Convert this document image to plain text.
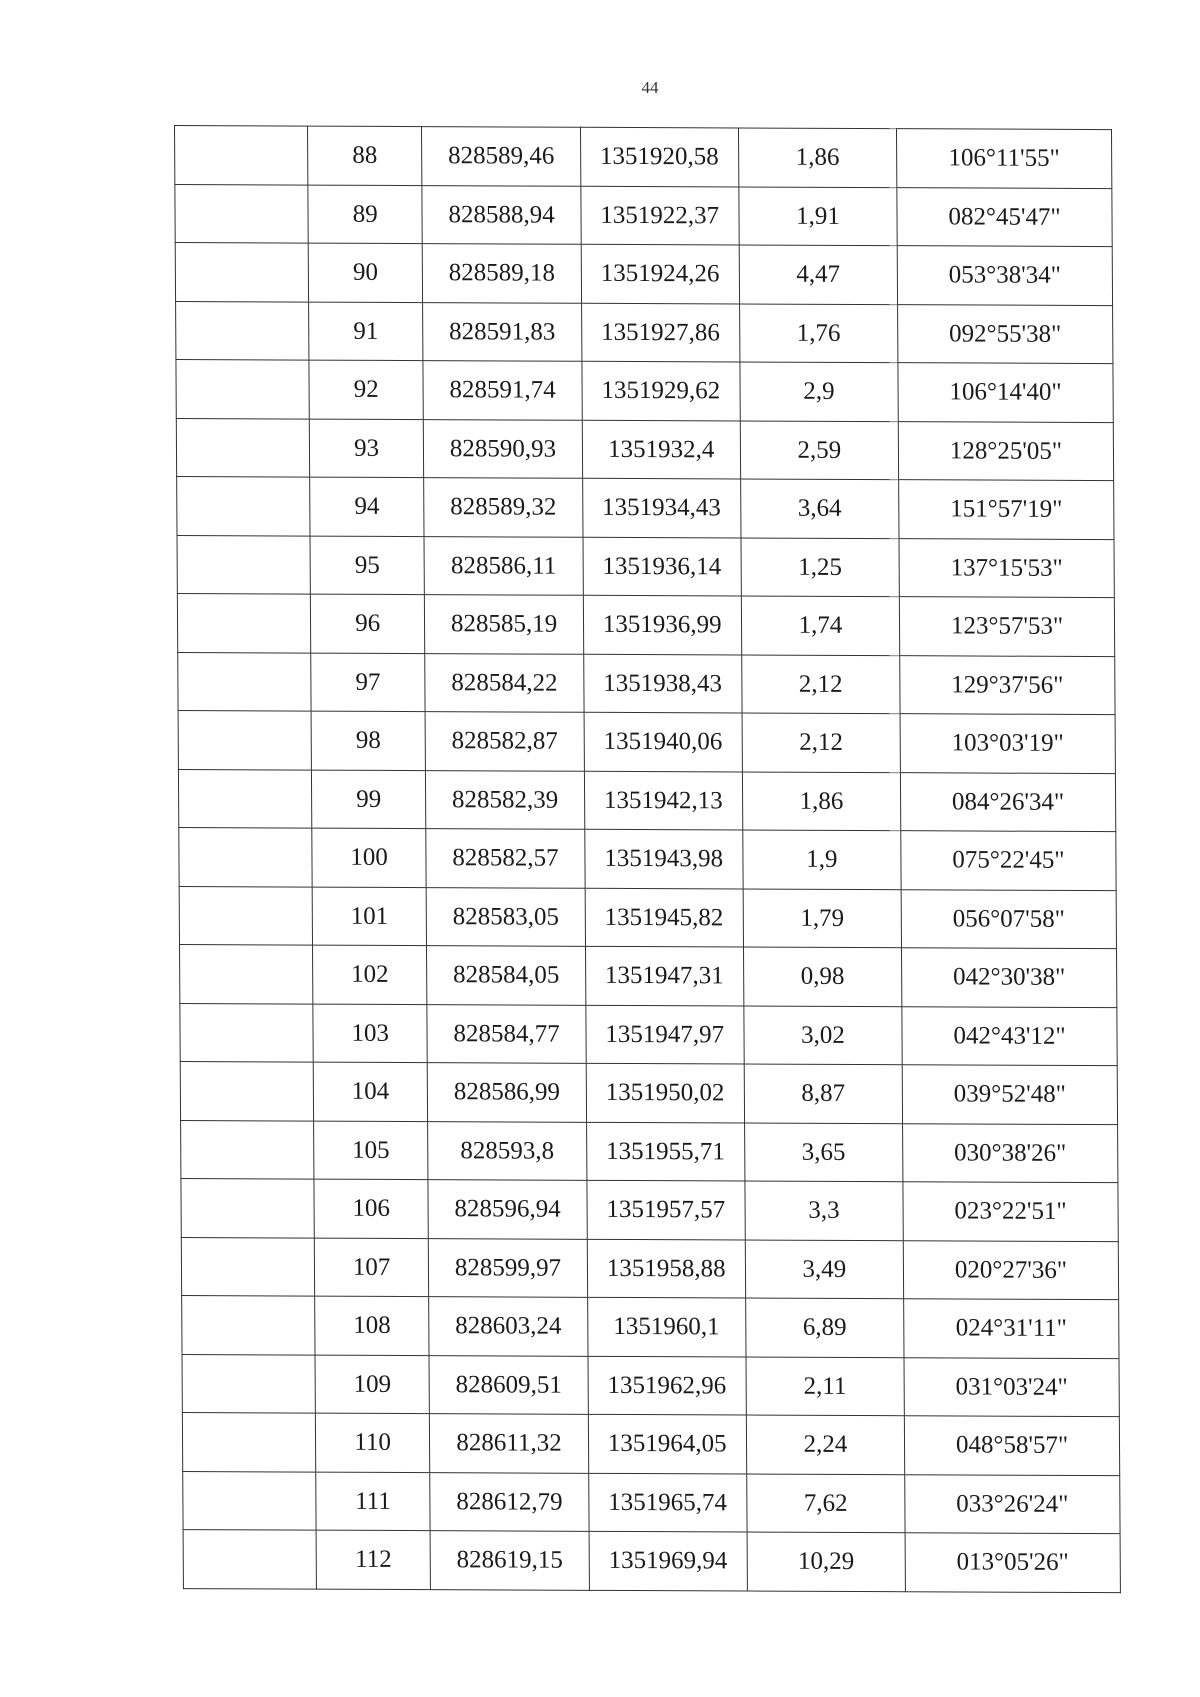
44
	88	828589,46	1351920,58	1,86	106°11'55"
	89	828588,94	1351922,37	1,91	082°45'47"
	90	828589,18	1351924,26	4,47	053°38'34"
	91	828591,83	1351927,86	1,76	092°55'38"
	92	828591,74	1351929,62	2,9	106°14'40"
	93	828590,93	1351932,4	2,59	128°25'05"
	94	828589,32	1351934,43	3,64	151°57'19"
	95	828586,11	1351936,14	1,25	137°15'53"
	96	828585,19	1351936,99	1,74	123°57'53"
	97	828584,22	1351938,43	2,12	129°37'56"
	98	828582,87	1351940,06	2,12	103°03'19"
	99	828582,39	1351942,13	1,86	084°26'34"
	100	828582,57	1351943,98	1,9	075°22'45"
	101	828583,05	1351945,82	1,79	056°07'58"
	102	828584,05	1351947,31	0,98	042°30'38"
	103	828584,77	1351947,97	3,02	042°43'12"
	104	828586,99	1351950,02	8,87	039°52'48"
	105	828593,8	1351955,71	3,65	030°38'26"
	106	828596,94	1351957,57	3,3	023°22'51"
	107	828599,97	1351958,88	3,49	020°27'36"
	108	828603,24	1351960,1	6,89	024°31'11"
	109	828609,51	1351962,96	2,11	031°03'24"
	110	828611,32	1351964,05	2,24	048°58'57"
	111	828612,79	1351965,74	7,62	033°26'24"
	112	828619,15	1351969,94	10,29	013°05'26"
